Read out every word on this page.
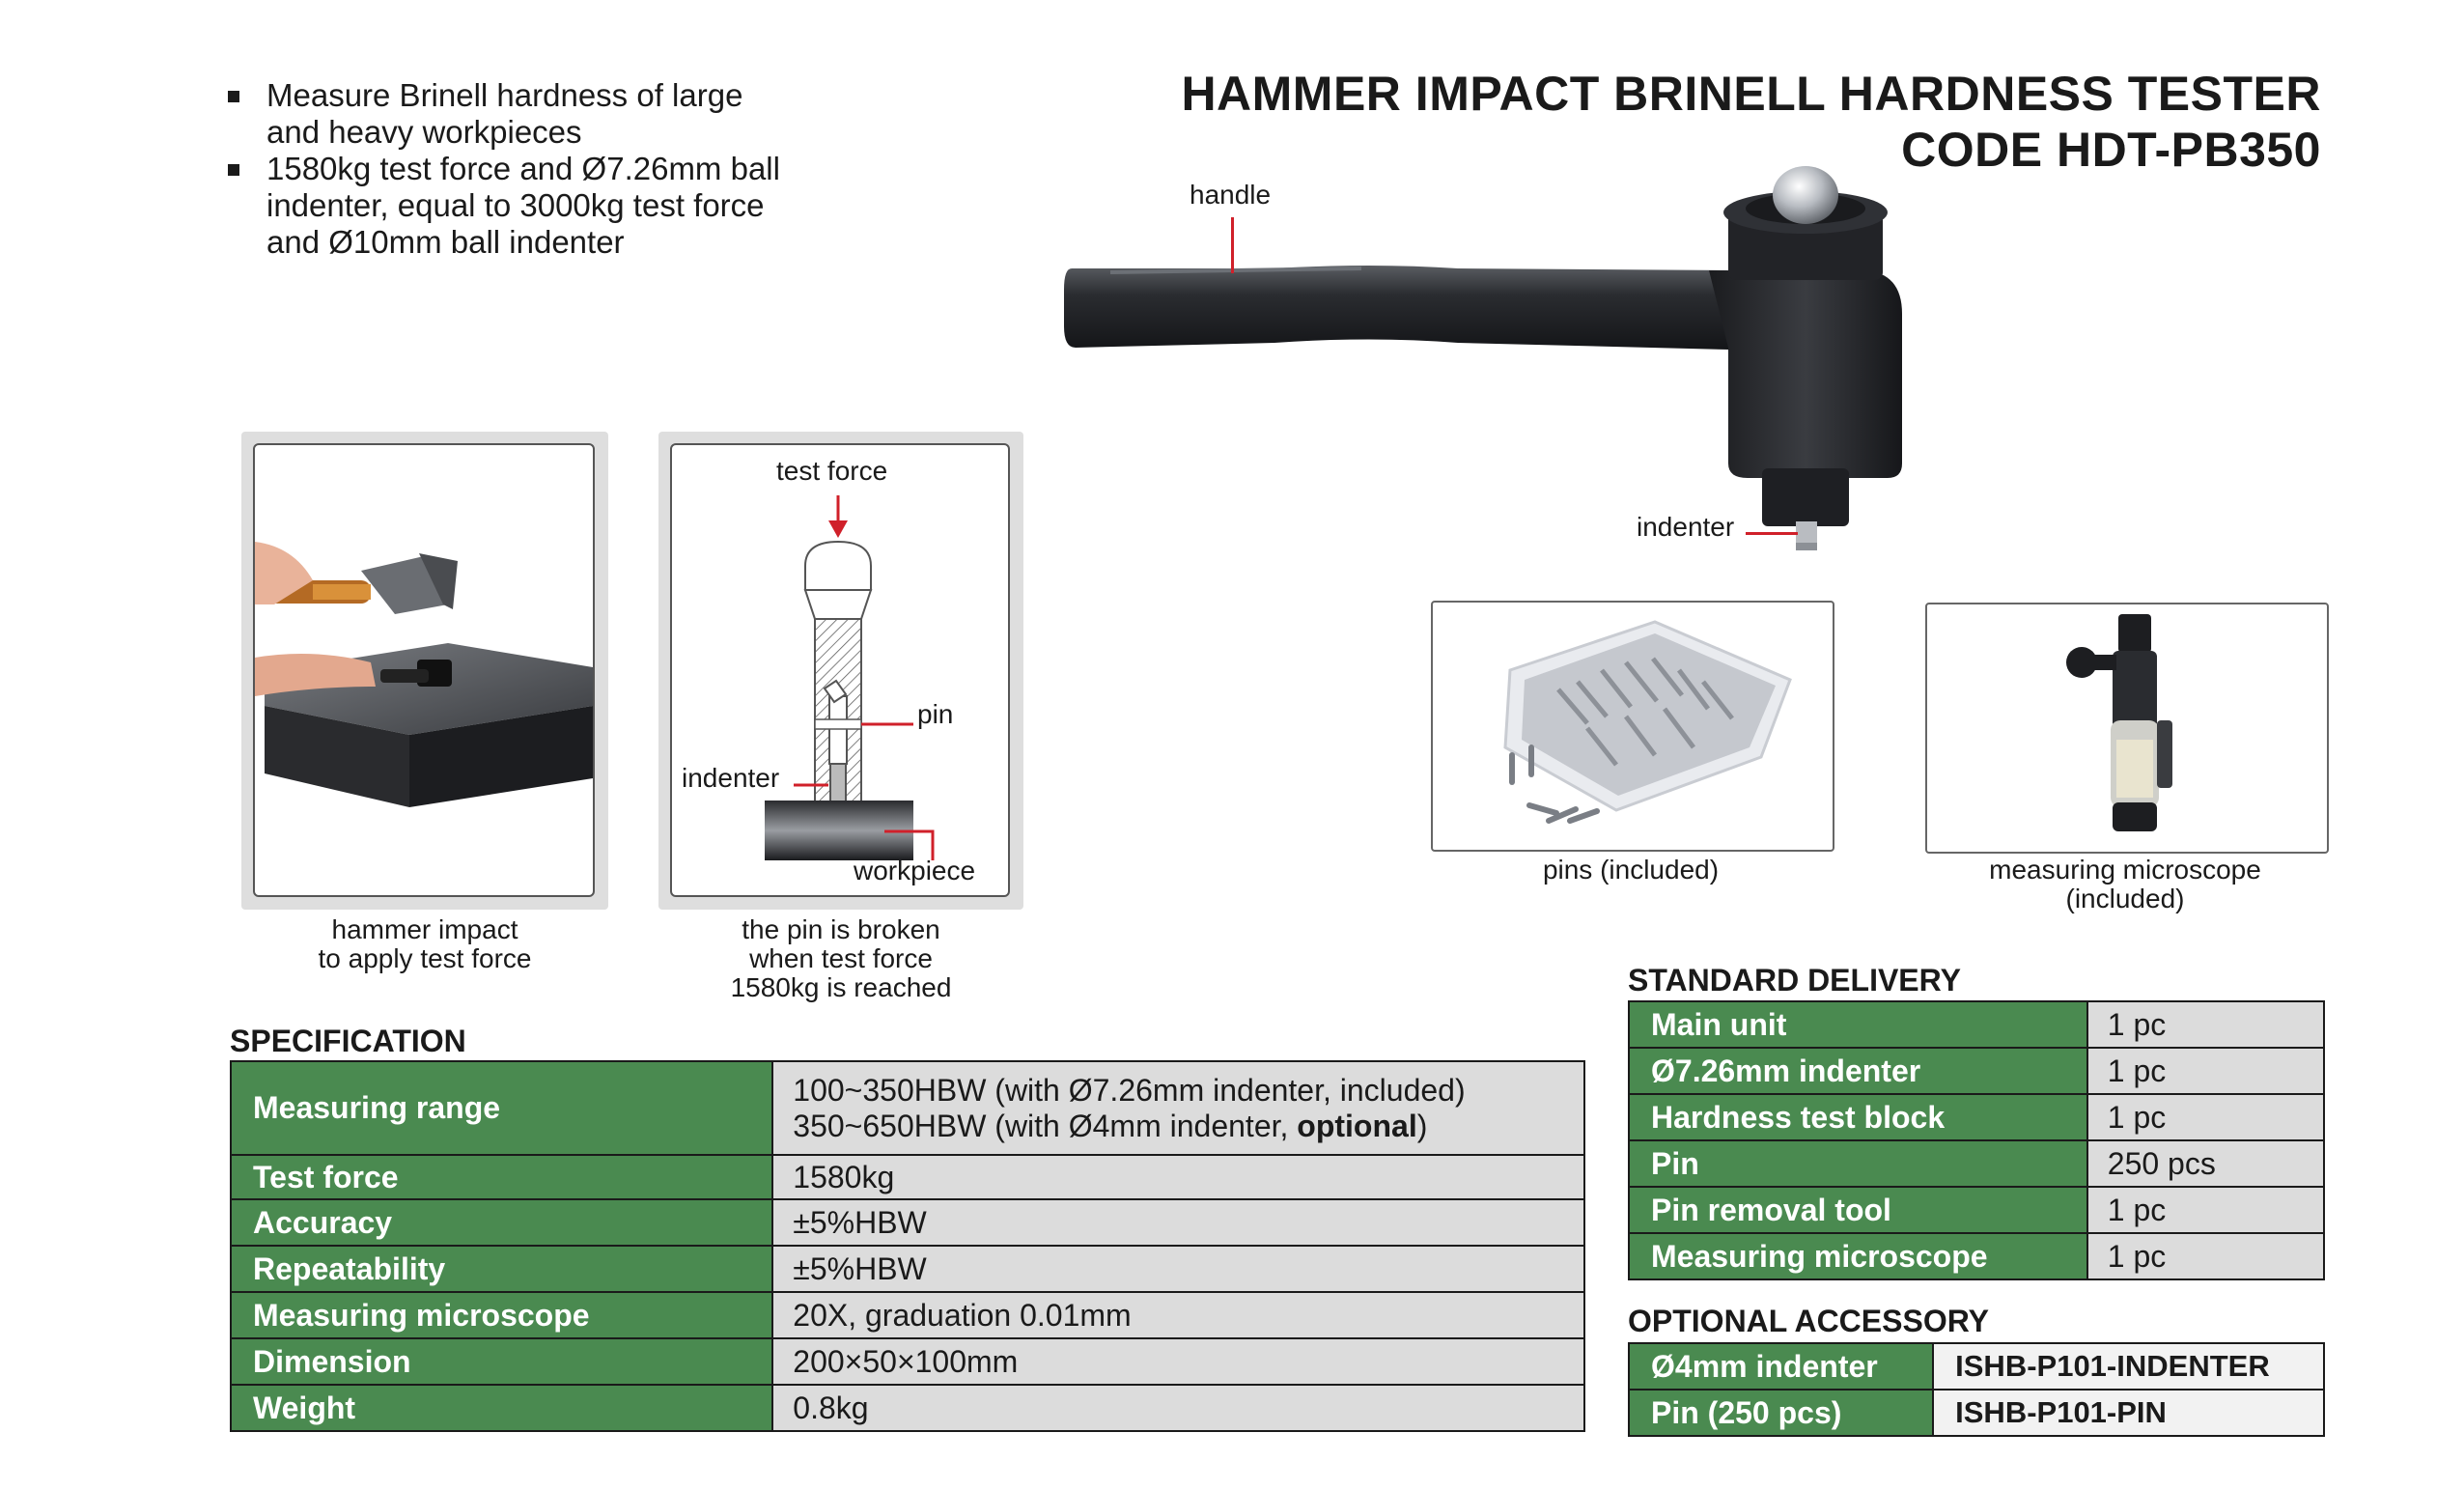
HAMMER IMPACT BRINELL HARDNESS TESTER
CODE HDT-PB350
Measure Brinell hardness of large
and heavy workpieces
1580kg test force and Ø7.26mm ball
indenter, equal to 3000kg test force
and Ø10mm ball indenter
handle
indenter
hammer impact
to apply test force
test force
pin
indenter
workpiece
the pin is broken
when test force
1580kg is reached
pins (included)	measuring microscope
(included)
SPECIFICATION
Measuring range	100~350HBW (with Ø7.26mm indenter, included)
350~650HBW (with Ø4mm indenter, optional)

Test force	1580kg
Accuracy	±5%HBW
Repeatability	±5%HBW
Measuring microscope	20X, graduation 0.01mm
Dimension	200×50×100mm
Weight	0.8kg
STANDARD DELIVERY
Main unit	1 pc
Ø7.26mm indenter	1 pc
Hardness test block	1 pc
Pin	250 pcs
Pin removal tool	1 pc
Measuring microscope	1 pc
OPTIONAL ACCESSORY
Ø4mm indenter	ISHB-P101-INDENTER
Pin (250 pcs)	ISHB-P101-PIN
